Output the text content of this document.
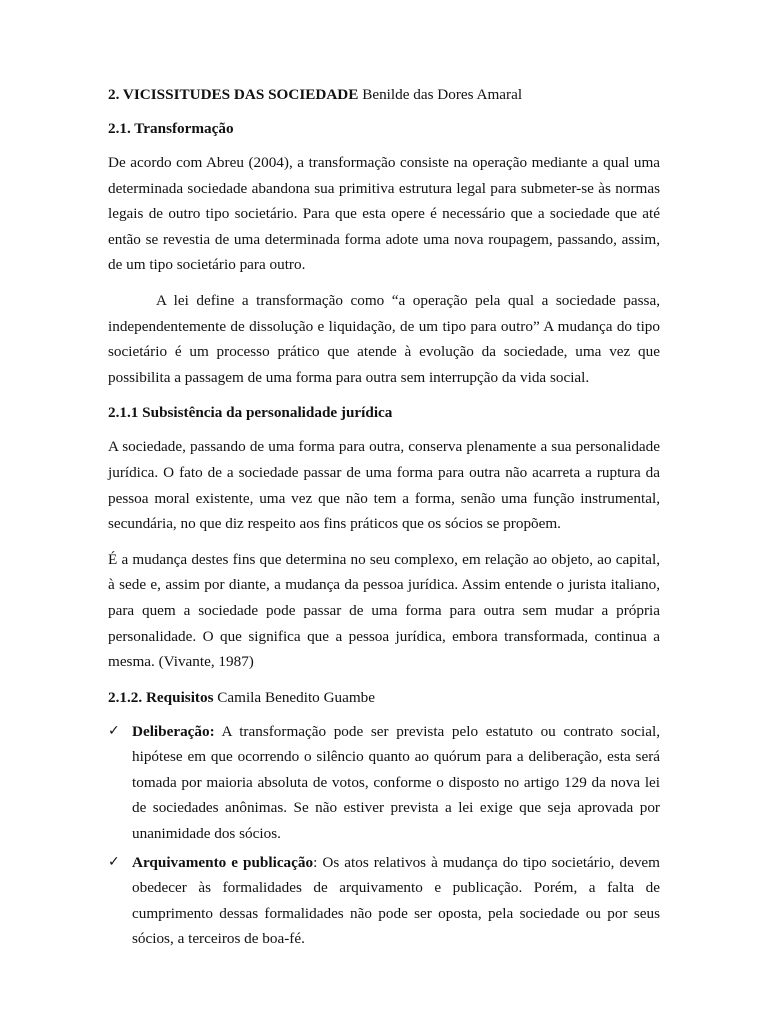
2. VICISSITUDES DAS SOCIEDADE Benilde das Dores Amaral

2.1. Transformação

De acordo com Abreu (2004), a transformação consiste na operação mediante a qual uma determinada sociedade abandona sua primitiva estrutura legal para submeter-se às normas legais de outro tipo societário. Para que esta opere é necessário que a sociedade que até então se revestia de uma determinada forma adote uma nova roupagem, passando, assim, de um tipo societário para outro.

A lei define a transformação como “a operação pela qual a sociedade passa, independentemente de dissolução e liquidação, de um tipo para outro” A mudança do tipo societário é um processo prático que atende à evolução da sociedade, uma vez que possibilita a passagem de uma forma para outra sem interrupção da vida social.

2.1.1 Subsistência da personalidade jurídica

A sociedade, passando de uma forma para outra, conserva plenamente a sua personalidade jurídica. O fato de a sociedade passar de uma forma para outra não acarreta a ruptura da pessoa moral existente, uma vez que não tem a forma, senão uma função instrumental, secundária, no que diz respeito aos fins práticos que os sócios se propõem.

É a mudança destes fins que determina no seu complexo, em relação ao objeto, ao capital, à sede e, assim por diante, a mudança da pessoa jurídica. Assim entende o jurista italiano, para quem a sociedade pode passar de uma forma para outra sem mudar a própria personalidade. O que significa que a pessoa jurídica, embora transformada, continua a mesma. (Vivante, 1987)

2.1.2. Requisitos Camila Benedito Guambe

✓ Deliberação: A transformação pode ser prevista pelo estatuto ou contrato social, hipótese em que ocorrendo o silêncio quanto ao quórum para a deliberação, esta será tomada por maioria absoluta de votos, conforme o disposto no artigo 129 da nova lei de sociedades anônimas. Se não estiver prevista a lei exige que seja aprovada por unanimidade dos sócios.
✓ Arquivamento e publicação: Os atos relativos à mudança do tipo societário, devem obedecer às formalidades de arquivamento e publicação. Porém, a falta de cumprimento dessas formalidades não pode ser oposta, pela sociedade ou por seus sócios, a terceiros de boa-fé.
